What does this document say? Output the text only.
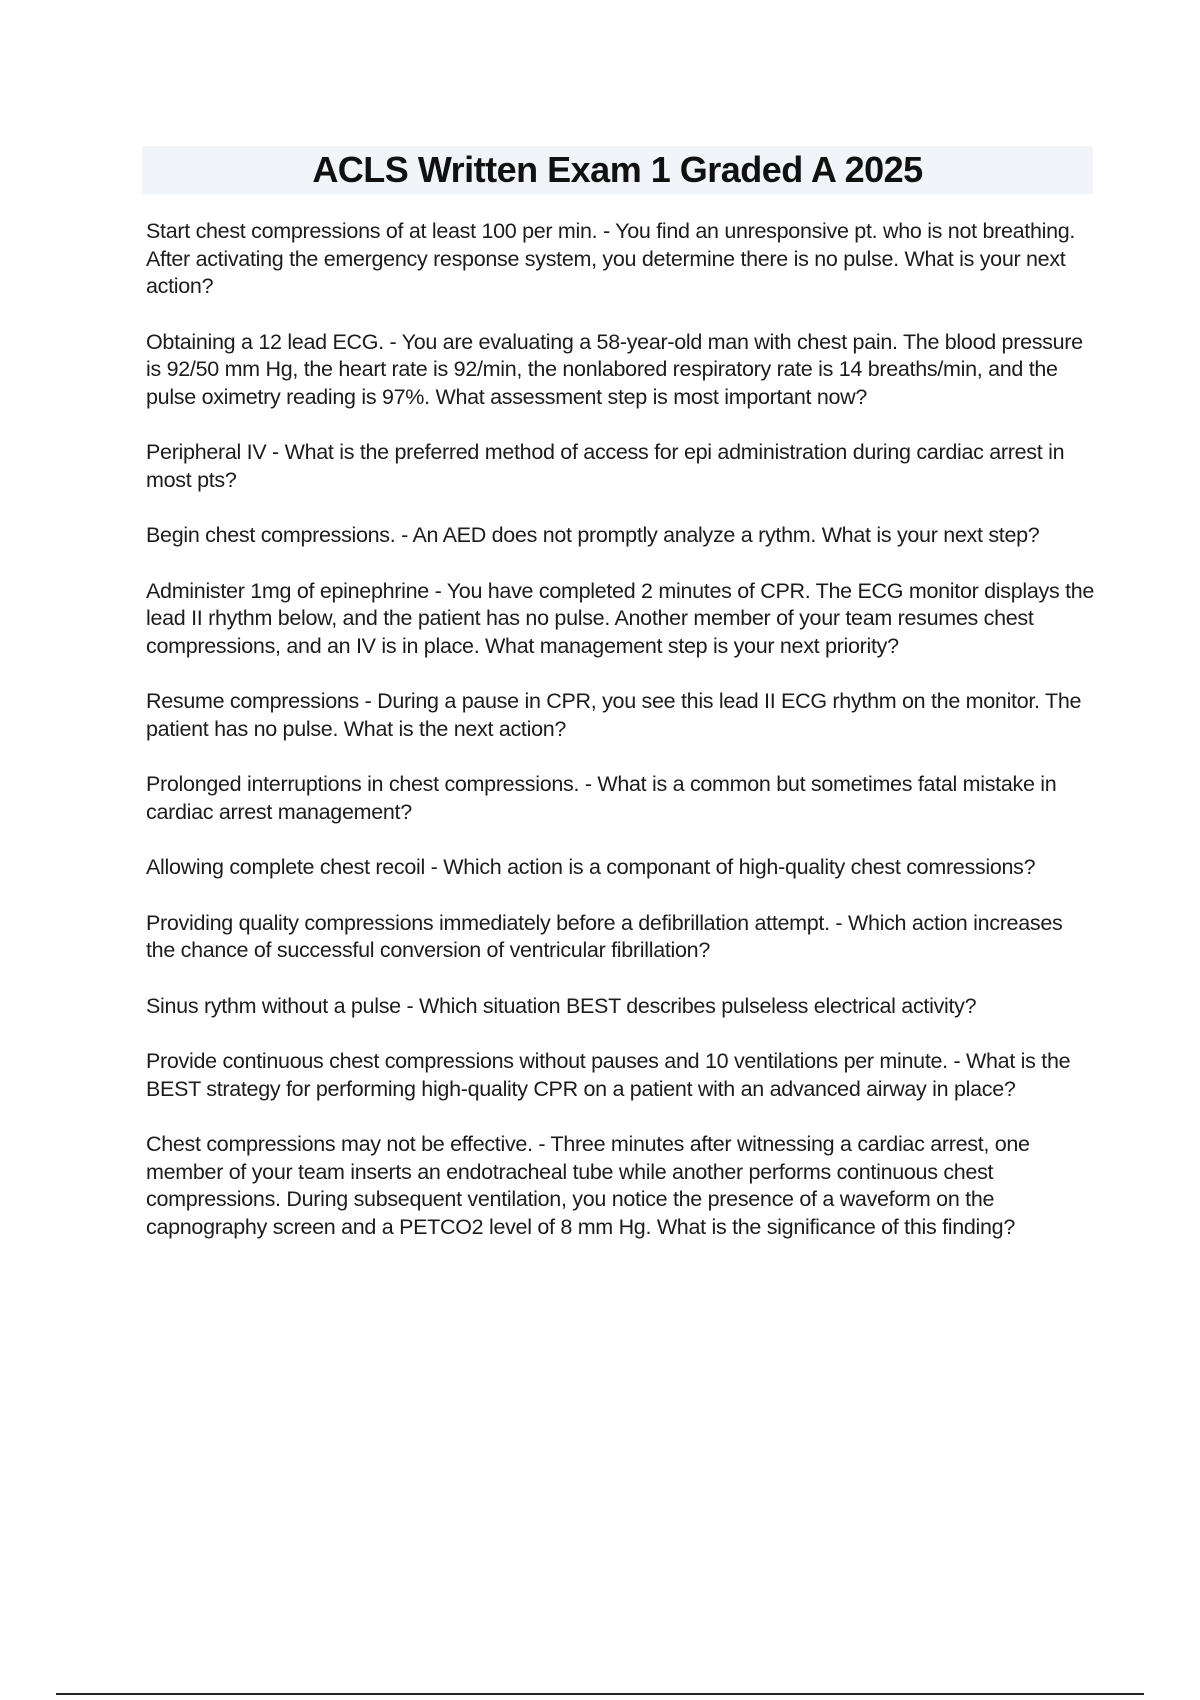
ACLS Written Exam 1 Graded A 2025
Start chest compressions of at least 100 per min. - You find an unresponsive pt. who is not breathing. After activating the emergency response system, you determine there is no pulse. What is your next action?
Obtaining a 12 lead ECG. - You are evaluating a 58-year-old man with chest pain. The blood pressure is 92/50 mm Hg, the heart rate is 92/min, the nonlabored respiratory rate is 14 breaths/min, and the pulse oximetry reading is 97%. What assessment step is most important now?
Peripheral IV - What is the preferred method of access for epi administration during cardiac arrest in most pts?
Begin chest compressions. - An AED does not promptly analyze a rythm. What is your next step?
Administer 1mg of epinephrine - You have completed 2 minutes of CPR. The ECG monitor displays the lead II rhythm below, and the patient has no pulse. Another member of your team resumes chest compressions, and an IV is in place. What management step is your next priority?
Resume compressions - During a pause in CPR, you see this lead II ECG rhythm on the monitor. The patient has no pulse. What is the next action?
Prolonged interruptions in chest compressions. - What is a common but sometimes fatal mistake in cardiac arrest management?
Allowing complete chest recoil - Which action is a componant of high-quality chest comressions?
Providing quality compressions immediately before a defibrillation attempt. - Which action increases the chance of successful conversion of ventricular fibrillation?
Sinus rythm without a pulse - Which situation BEST describes pulseless electrical activity?
Provide continuous chest compressions without pauses and 10 ventilations per minute. - What is the BEST strategy for performing high-quality CPR on a patient with an advanced airway in place?
Chest compressions may not be effective. - Three minutes after witnessing a cardiac arrest, one member of your team inserts an endotracheal tube while another performs continuous chest compressions. During subsequent ventilation, you notice the presence of a waveform on the capnography screen and a PETCO2 level of 8 mm Hg. What is the significance of this finding?
